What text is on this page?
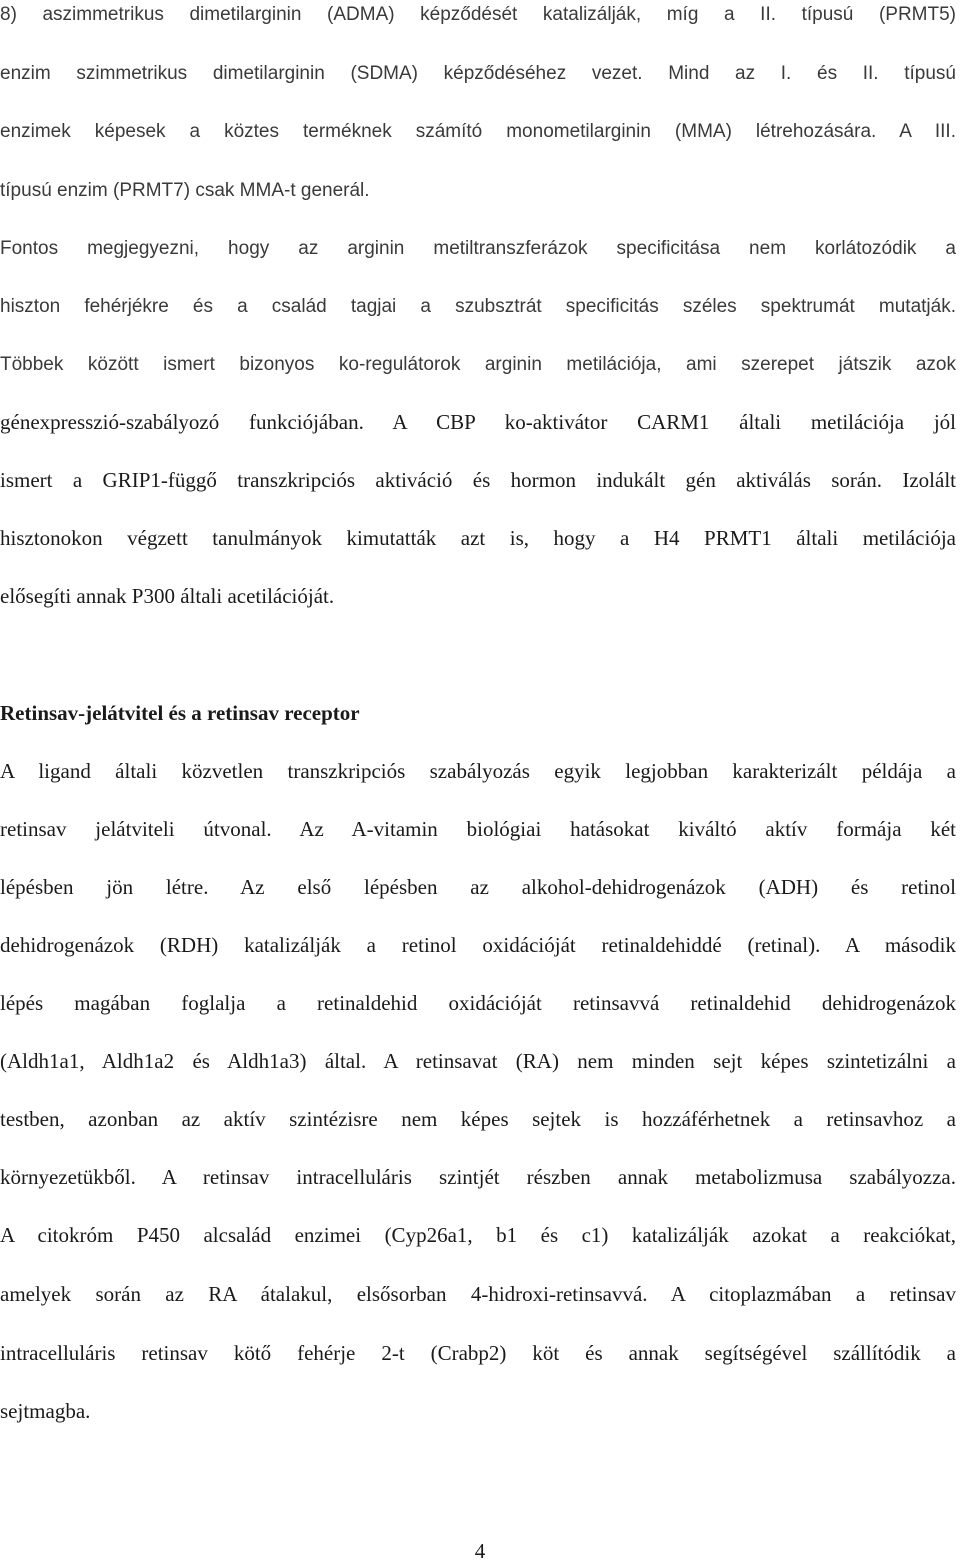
8) aszimmetrikus dimetilarginin (ADMA) képződését katalizálják, míg a II. típusú (PRMT5)
enzim szimmetrikus dimetilarginin (SDMA) képződéséhez vezet. Mind az I. és II. típusú
enzimek képesek a köztes terméknek számító monometilarginin (MMA) létrehozására. A III.
típusú enzim (PRMT7) csak MMA-t generál.
Fontos megjegyezni, hogy az arginin metiltranszferázok specificitása nem korlátozódik a
hiszton fehérjékre és a család tagjai a szubsztrát specificitás széles spektrumát mutatják.
Többek között ismert bizonyos ko-regulátorok arginin metilációja, ami szerepet játszik azok
génexpresszió-szabályozó funkciójában. A CBP ko-aktivátor CARM1 általi metilációja jól
ismert a GRIP1-függő transzkripciós aktiváció és hormon indukált gén aktiválás során. Izolált
hisztonokon végzett tanulmányok kimutatták azt is, hogy a H4 PRMT1 általi metilációja
elősegíti annak P300 általi acetilációját.
Retinsav-jelátvitel és a retinsav receptor
A ligand általi közvetlen transzkripciós szabályozás egyik legjobban karakterizált példája a
retinsav jelátviteli útvonal. Az A-vitamin biológiai hatásokat kiváltó aktív formája két
lépésben jön létre. Az első lépésben az alkohol-dehidrogenázok (ADH) és retinol
dehidrogenázok (RDH) katalizálják a retinol oxidációját retinaldehiddé (retinal). A második
lépés magában foglalja a retinaldehid oxidációját retinsavvá retinaldehid dehidrogenázok
(Aldh1a1, Aldh1a2 és Aldh1a3) által. A retinsavat (RA) nem minden sejt képes szintetizálni a
testben, azonban az aktív szintézisre nem képes sejtek is hozzáférhetnek a retinsavhoz a
környezetükből. A retinsav intracelluláris szintjét részben annak metabolizmusa szabályozza.
A citokróm P450 alcsalád enzimei (Cyp26a1, b1 és c1) katalizálják azokat a reakciókat,
amelyek során az RA átalakul, elsősorban 4-hidroxi-retinsavvá. A citoplazmában a retinsav
intracelluláris retinsav kötő fehérje 2-t (Crabp2) köt és annak segítségével szállítódik a
sejtmagba.
4
